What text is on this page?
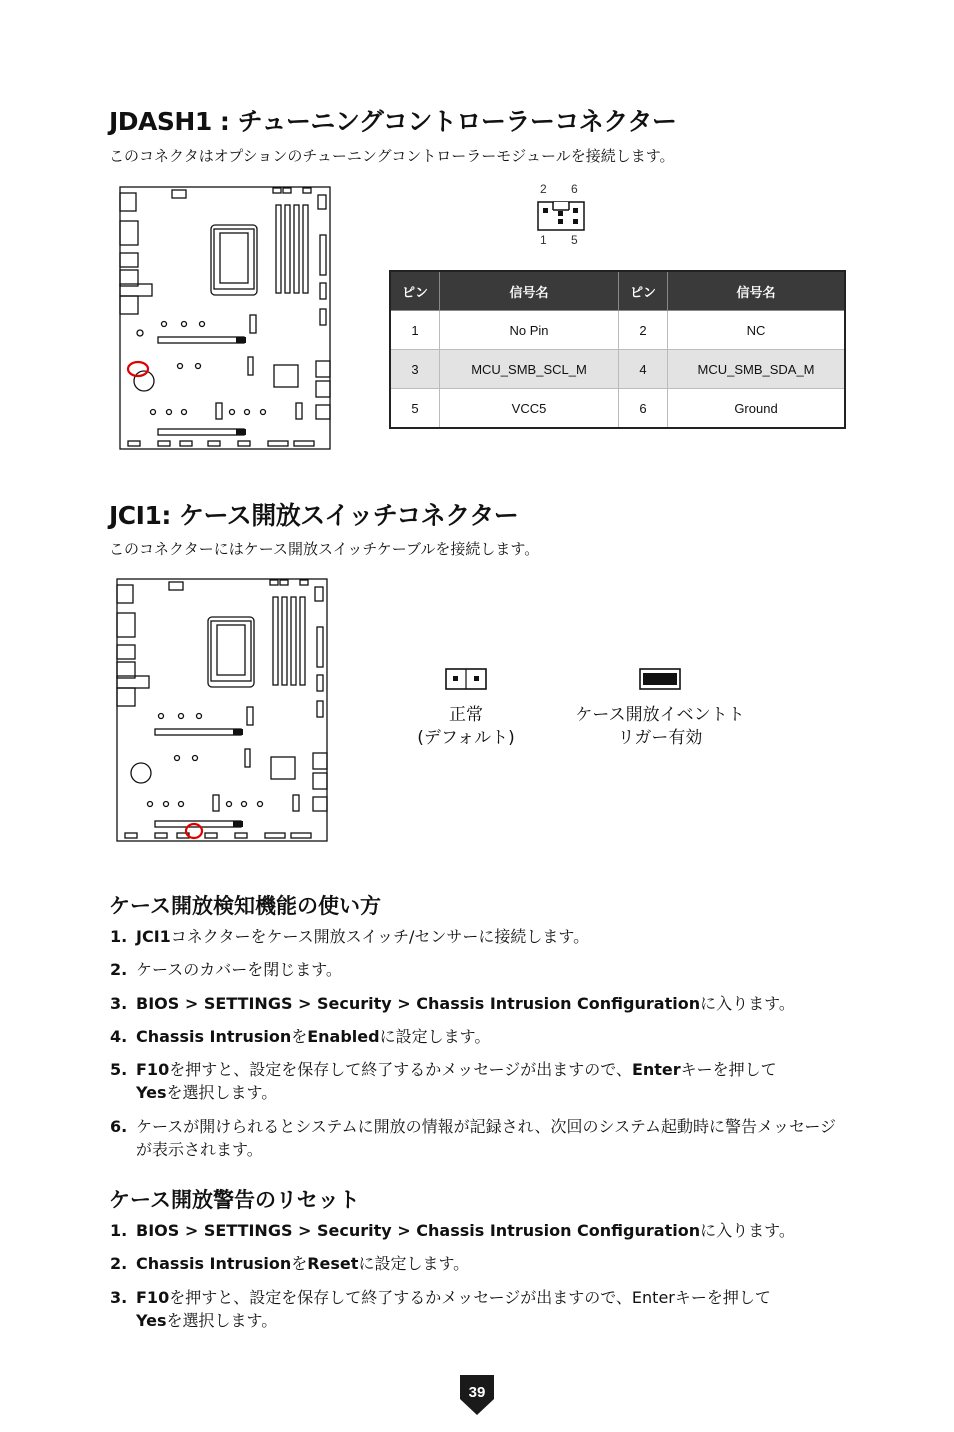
JDASH1 : チューニングコントローラーコネクター
このコネクタはオプションのチューニングコントローラーモジュールを接続します。
2 6
1 5
ピン	信号名	ピン	信号名
1	No Pin	2	NC
3	MCU_SMB_SCL_M	4	MCU_SMB_SDA_M
5	VCC5	6	Ground
JCI1: ケース開放スイッチコネクター
このコネクターにはケース開放スイッチケーブルを接続します。
正常
(デフォルト)
ケース開放イベントト
リガー有効
ケース開放検知機能の使い方
1. JCI1コネクターをケース開放スイッチ/センサーに接続します。
2. ケースのカバーを閉じます。
3. BIOS > SETTINGS > Security > Chassis Intrusion Configurationに入ります。
4. Chassis IntrusionをEnabledに設定します。
5. F10を押すと、設定を保存して終了するかメッセージが出ますので、Enterキーを押して
Yesを選択します。
6. ケースが開けられるとシステムに開放の情報が記録され、次回のシステム起動時に警告メッセージが表示されます。
ケース開放警告のリセット
1. BIOS > SETTINGS > Security > Chassis Intrusion Configurationに入ります。
2. Chassis IntrusionをResetに設定します。
3. F10を押すと、設定を保存して終了するかメッセージが出ますので、Enterキーを押して
Yesを選択します。
39
